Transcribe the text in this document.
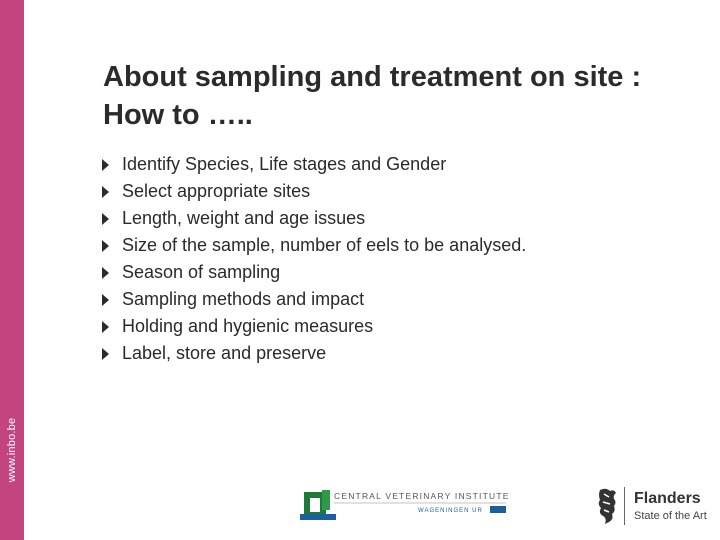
www.inbo.be
About sampling and treatment on site : How to …..
Identify Species, Life stages and Gender
Select appropriate sites
Length, weight and age issues
Size of the sample, number of eels to be analysed.
Season of sampling
Sampling methods and impact
Holding and hygienic measures
Label, store and preserve
CENTRAL VETERINARY INSTITUTE
WAGENINGEN UR
Flanders
State of the Art
